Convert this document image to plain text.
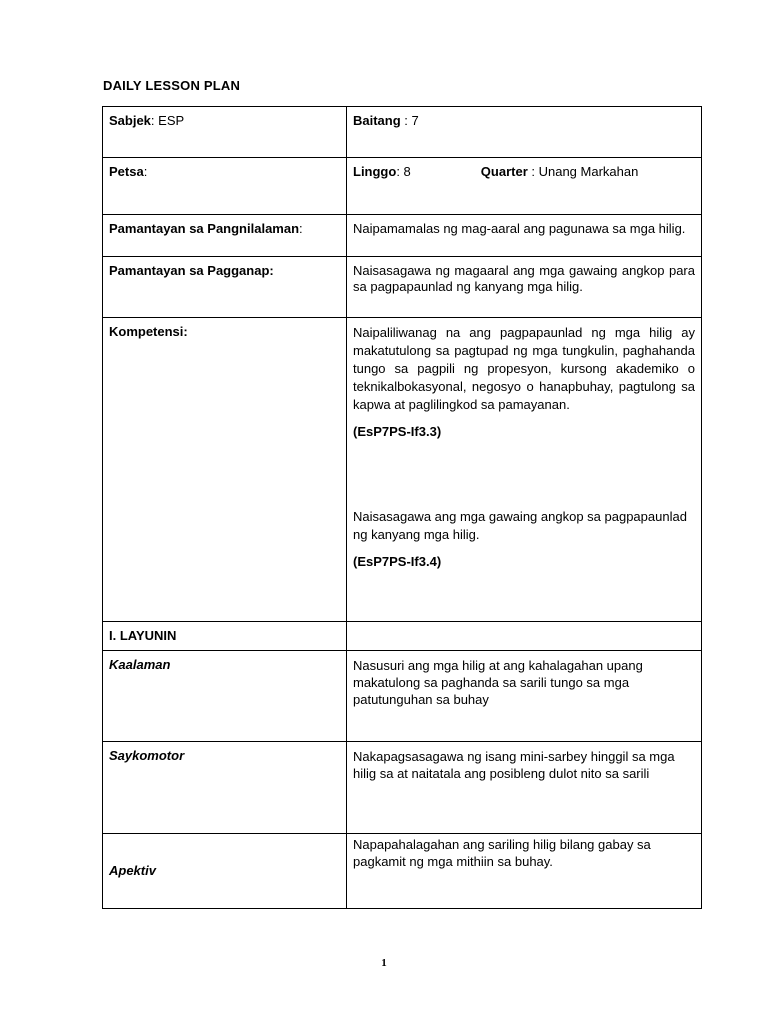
DAILY LESSON PLAN
Sabjek: ESP	Baitang : 7
Petsa:	Linggo: 8 Quarter : Unang Markahan
Pamantayan sa Pangnilalaman:	Naipamamalas ng mag-aaral ang pagunawa sa mga hilig.
Pamantayan sa Pagganap:	Naisasagawa ng magaaral ang mga gawaing angkop para sa pagpapaunlad ng kanyang mga hilig.
Kompetensi:	Naipaliliwanag na ang pagpapaunlad ng mga hilig ay makatutulong sa pagtupad ng mga tungkulin, paghahanda tungo sa pagpili ng propesyon, kursong akademiko o teknikalbokasyonal, negosyo o hanapbuhay, pagtulong sa kapwa at paglilingkod sa pamayanan.
(EsP7PS-If3.3)
Naisasagawa ang mga gawaing angkop sa pagpapaunlad ng kanyang mga hilig.
(EsP7PS-If3.4)

I. LAYUNIN	
Kaalaman	Nasusuri ang mga hilig at ang kahalagahan upang makatulong sa paghanda sa sarili tungo sa mga patutunguhan sa buhay
Saykomotor	Nakapagsasagawa ng isang mini-sarbey hinggil sa mga hilig sa at naitatala ang posibleng dulot nito sa sarili
Apektiv	Napapahalagahan ang sariling hilig bilang gabay sa pagkamit ng mga mithiin sa buhay.
1
